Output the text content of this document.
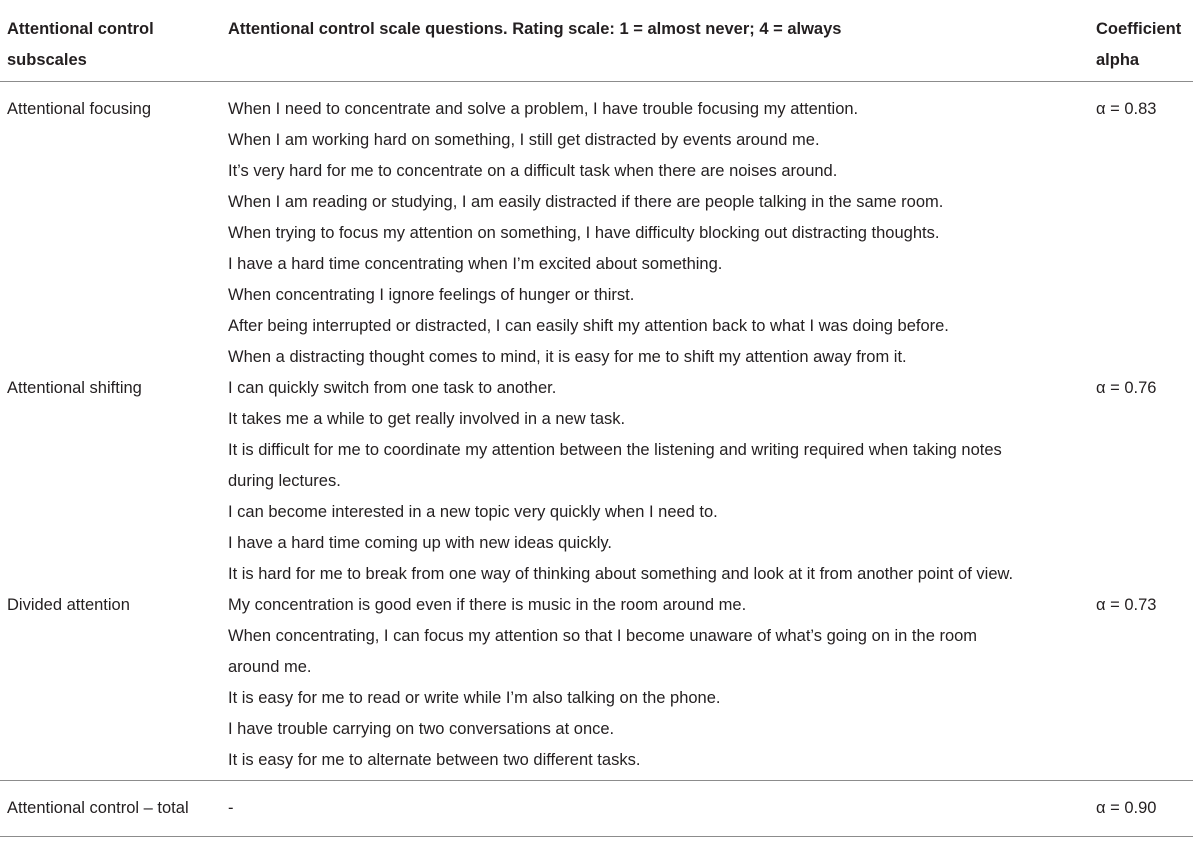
Attentional control
subscales
Attentional control scale questions. Rating scale: 1 = almost never; 4 = always	Coefficient
alpha
Attentional focusing
Attentional shifting
Divided attention
α = 0.83
α = 0.76
α = 0.73
When I need to concentrate and solve a problem, I have trouble focusing my attention.
When I am working hard on something, I still get distracted by events around me.
It’s very hard for me to concentrate on a difficult task when there are noises around.
When I am reading or studying, I am easily distracted if there are people talking in the same room.
When trying to focus my attention on something, I have difficulty blocking out distracting thoughts.
I have a hard time concentrating when I’m excited about something.
When concentrating I ignore feelings of hunger or thirst.
After being interrupted or distracted, I can easily shift my attention back to what I was doing before.
When a distracting thought comes to mind, it is easy for me to shift my attention away from it.
I can quickly switch from one task to another.
It takes me a while to get really involved in a new task.
It is difficult for me to coordinate my attention between the listening and writing required when taking notes
during lectures.
I can become interested in a new topic very quickly when I need to.
I have a hard time coming up with new ideas quickly.
It is hard for me to break from one way of thinking about something and look at it from another point of view.
My concentration is good even if there is music in the room around me.
When concentrating, I can focus my attention so that I become unaware of what’s going on in the room
around me.
It is easy for me to read or write while I’m also talking on the phone.
I have trouble carrying on two conversations at once.
It is easy for me to alternate between two different tasks.
Attentional control – total -	α = 0.90
